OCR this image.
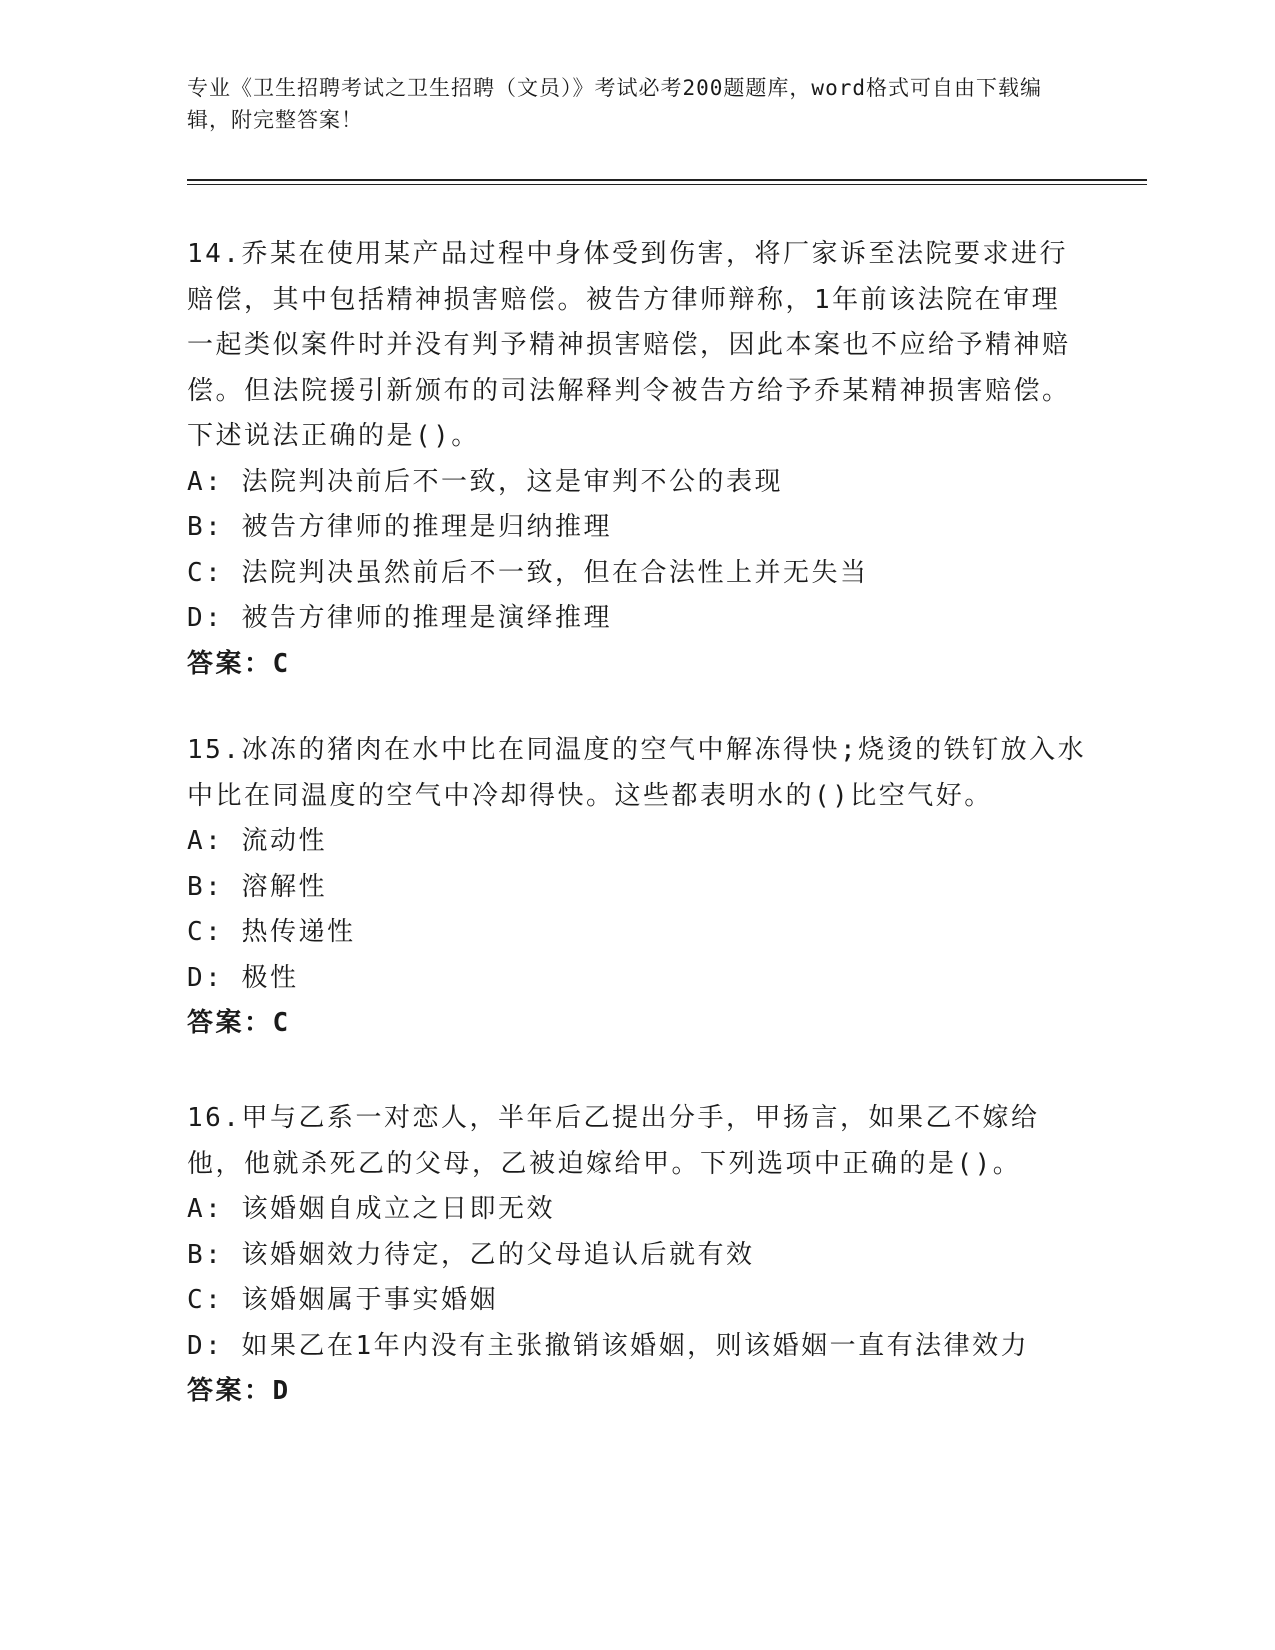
专业《卫生招聘考试之卫生招聘（文员）》考试必考200题题库，word格式可自由下载编辑，附完整答案！
14.乔某在使用某产品过程中身体受到伤害，将厂家诉至法院要求进行赔偿，其中包括精神损害赔偿。被告方律师辩称，1年前该法院在审理一起类似案件时并没有判予精神损害赔偿，因此本案也不应给予精神赔偿。但法院援引新颁布的司法解释判令被告方给予乔某精神损害赔偿。下述说法正确的是()。
A: 法院判决前后不一致，这是审判不公的表现
B: 被告方律师的推理是归纳推理
C: 法院判决虽然前后不一致，但在合法性上并无失当
D: 被告方律师的推理是演绎推理
答案：C
15.冰冻的猪肉在水中比在同温度的空气中解冻得快;烧烫的铁钉放入水中比在同温度的空气中冷却得快。这些都表明水的()比空气好。
A: 流动性
B: 溶解性
C: 热传递性
D: 极性
答案：C
16.甲与乙系一对恋人，半年后乙提出分手，甲扬言，如果乙不嫁给他，他就杀死乙的父母，乙被迫嫁给甲。下列选项中正确的是()。
A: 该婚姻自成立之日即无效
B: 该婚姻效力待定，乙的父母追认后就有效
C: 该婚姻属于事实婚姻
D: 如果乙在1年内没有主张撤销该婚姻，则该婚姻一直有法律效力
答案：D
